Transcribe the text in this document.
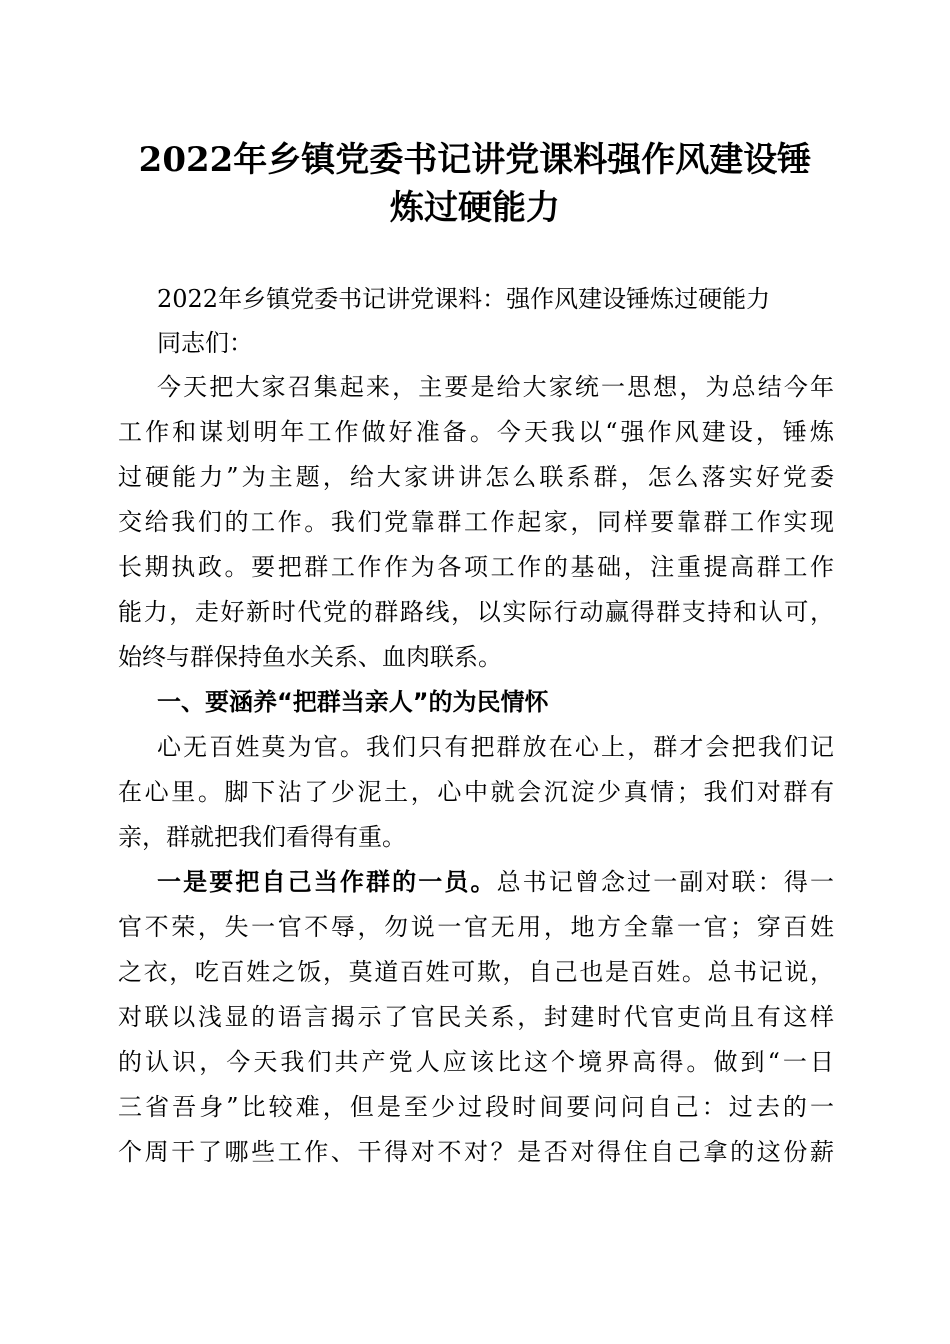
2022年乡镇党委书记讲党课料强作风建设锤
炼过硬能力
2022年乡镇党委书记讲党课料：强作风建设锤炼过硬能力
同志们：
今天把大家召集起来，主要是给大家统一思想，为总结今年
工作和谋划明年工作做好准备。今天我以“强作风建设，锤炼
过硬能力”为主题，给大家讲讲怎么联系群，怎么落实好党委
交给我们的工作。我们党靠群工作起家，同样要靠群工作实现
长期执政。要把群工作作为各项工作的基础，注重提高群工作
能力，走好新时代党的群路线，以实际行动赢得群支持和认可，
始终与群保持鱼水关系、血肉联系。
一、要涵养“把群当亲人”的为民情怀
心无百姓莫为官。我们只有把群放在心上，群才会把我们记
在心里。脚下沾了少泥土，心中就会沉淀少真情；我们对群有
亲，群就把我们看得有重。
一是要把自己当作群的一员。总书记曾念过一副对联：得一
官不荣，失一官不辱，勿说一官无用，地方全靠一官；穿百姓
之衣，吃百姓之饭，莫道百姓可欺，自己也是百姓。总书记说，
对联以浅显的语言揭示了官民关系，封建时代官吏尚且有这样
的认识，今天我们共产党人应该比这个境界高得。做到“一日
三省吾身”比较难，但是至少过段时间要问问自己：过去的一
个周干了哪些工作、干得对不对？是否对得住自己拿的这份薪
